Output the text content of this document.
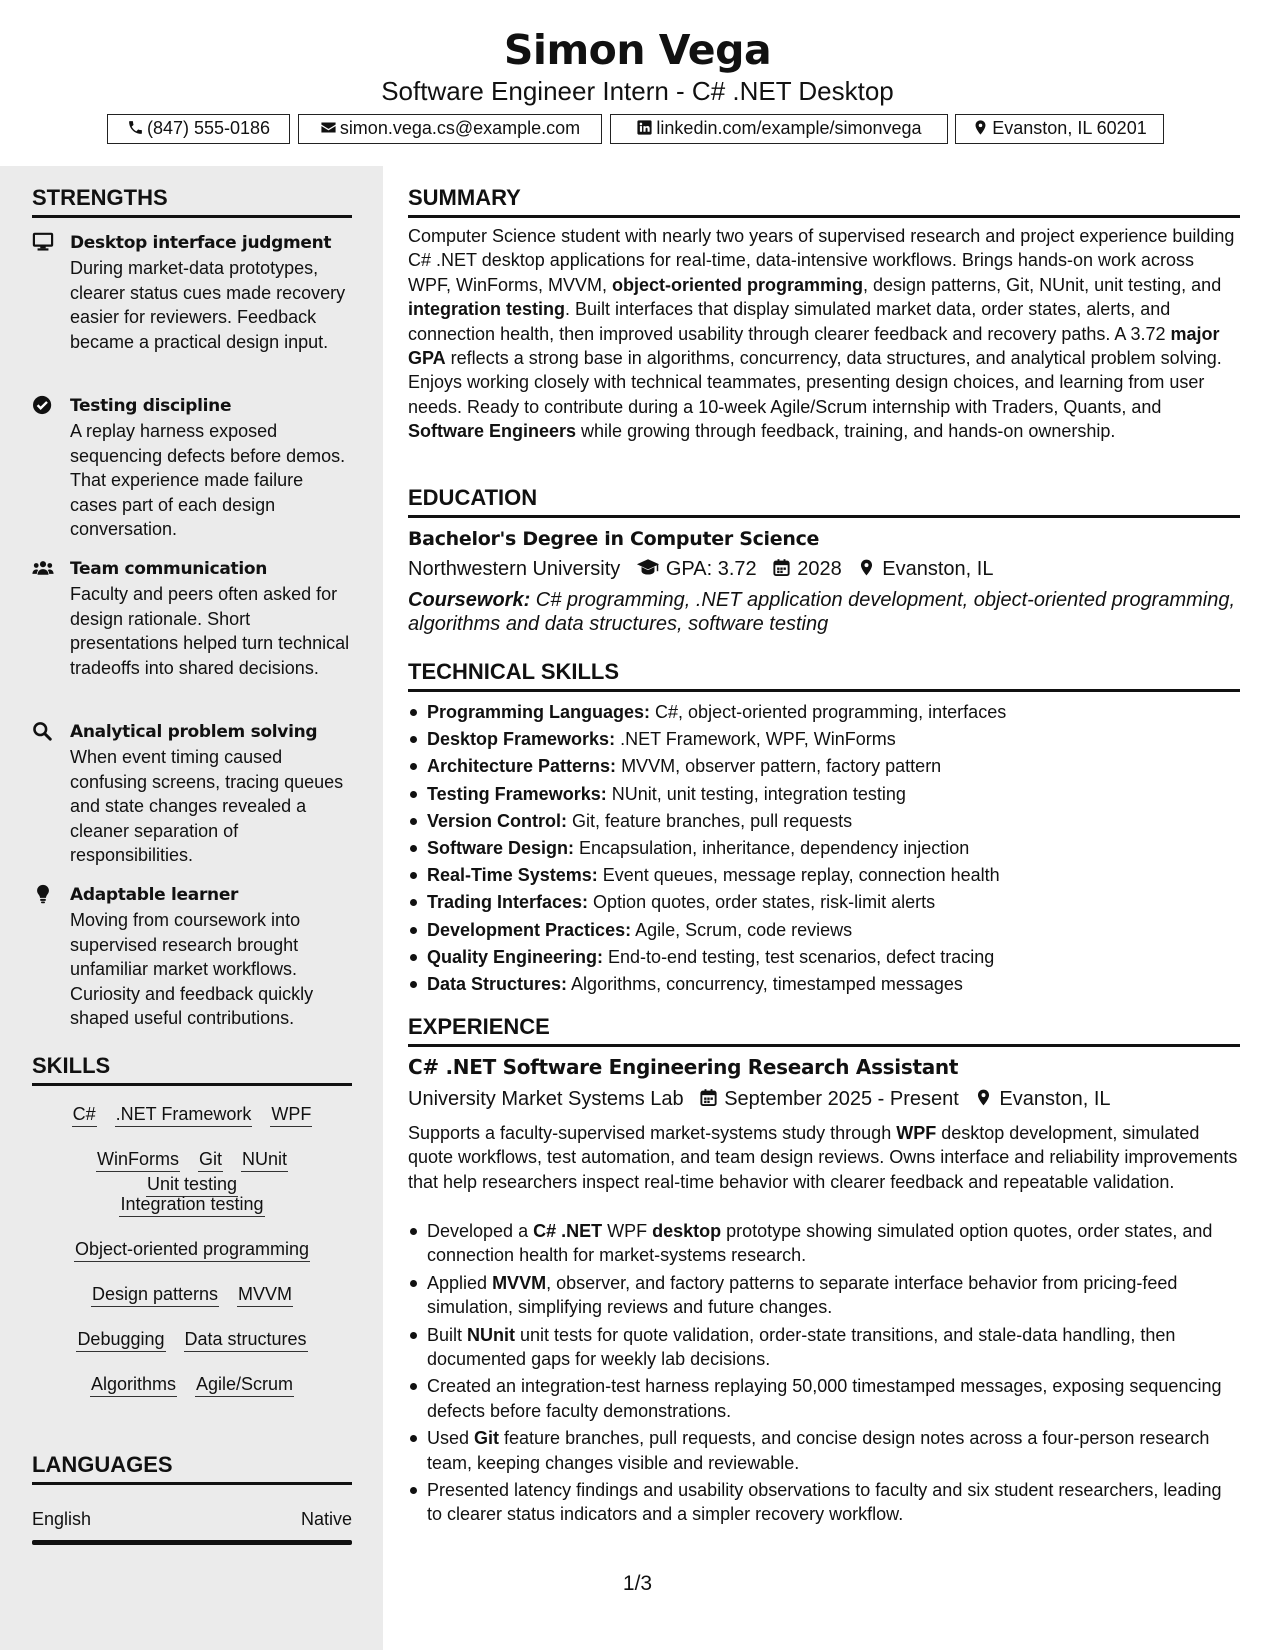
Simon Vega
Software Engineer Intern - C# .NET Desktop
(847) 555-0186	simon.vega.cs@example.com	linkedin.com/example/simonvega	Evanston, IL 60201
STRENGTHS
Desktop interface judgment
During market-data prototypes, clearer status cues made recovery easier for reviewers. Feedback became a practical design input.
Testing discipline
A replay harness exposed sequencing defects before demos. That experience made failure cases part of each design conversation.
Team communication
Faculty and peers often asked for design rationale. Short presentations helped turn technical tradeoffs into shared decisions.
Analytical problem solving
When event timing caused confusing screens, tracing queues and state changes revealed a cleaner separation of responsibilities.
Adaptable learner
Moving from coursework into supervised research brought unfamiliar market workflows. Curiosity and feedback quickly shaped useful contributions.
SKILLS
C# .NET Framework WPF
WinForms Git NUnitUnit testing
Integration testing
Object-oriented programming
Design patterns MVVM
Debugging Data structures
Algorithms Agile/Scrum
LANGUAGES
English	Native
SUMMARY
Computer Science student with nearly two years of supervised research and project experience building C# .NET desktop applications for real-time, data-intensive workflows. Brings hands-on work across WPF, WinForms, MVVM, object-oriented programming, design patterns, Git, NUnit, unit testing, and integration testing. Built interfaces that display simulated market data, order states, alerts, and connection health, then improved usability through clearer feedback and recovery paths. A 3.72 major GPA reflects a strong base in algorithms, concurrency, data structures, and analytical problem solving. Enjoys working closely with technical teammates, presenting design choices, and learning from user needs. Ready to contribute during a 10-week Agile/Scrum internship with Traders, Quants, and Software Engineers while growing through feedback, training, and hands-on ownership.
EDUCATION
Bachelor's Degree in Computer Science
Northwestern University GPA: 3.72 2028 Evanston, IL
Coursework: C# programming, .NET application development, object-oriented programming, algorithms and data structures, software testing
TECHNICAL SKILLS
Programming Languages: C#, object-oriented programming, interfaces
Desktop Frameworks: .NET Framework, WPF, WinForms
Architecture Patterns: MVVM, observer pattern, factory pattern
Testing Frameworks: NUnit, unit testing, integration testing
Version Control: Git, feature branches, pull requests
Software Design: Encapsulation, inheritance, dependency injection
Real-Time Systems: Event queues, message replay, connection health
Trading Interfaces: Option quotes, order states, risk-limit alerts
Development Practices: Agile, Scrum, code reviews
Quality Engineering: End-to-end testing, test scenarios, defect tracing
Data Structures: Algorithms, concurrency, timestamped messages
EXPERIENCE
C# .NET Software Engineering Research Assistant
University Market Systems Lab September 2025 - Present Evanston, IL
Supports a faculty-supervised market-systems study through WPF desktop development, simulated quote workflows, test automation, and team design reviews. Owns interface and reliability improvements that help researchers inspect real-time behavior with clearer feedback and repeatable validation.
Developed a C# .NET WPF desktop prototype showing simulated option quotes, order states, and connection health for market-systems research.
Applied MVVM, observer, and factory patterns to separate interface behavior from pricing-feed simulation, simplifying reviews and future changes.
Built NUnit unit tests for quote validation, order-state transitions, and stale-data handling, then documented gaps for weekly lab decisions.
Created an integration-test harness replaying 50,000 timestamped messages, exposing sequencing defects before faculty demonstrations.
Used Git feature branches, pull requests, and concise design notes across a four-person research team, keeping changes visible and reviewable.
Presented latency findings and usability observations to faculty and six student researchers, leading to clearer status indicators and a simpler recovery workflow.
1/3
